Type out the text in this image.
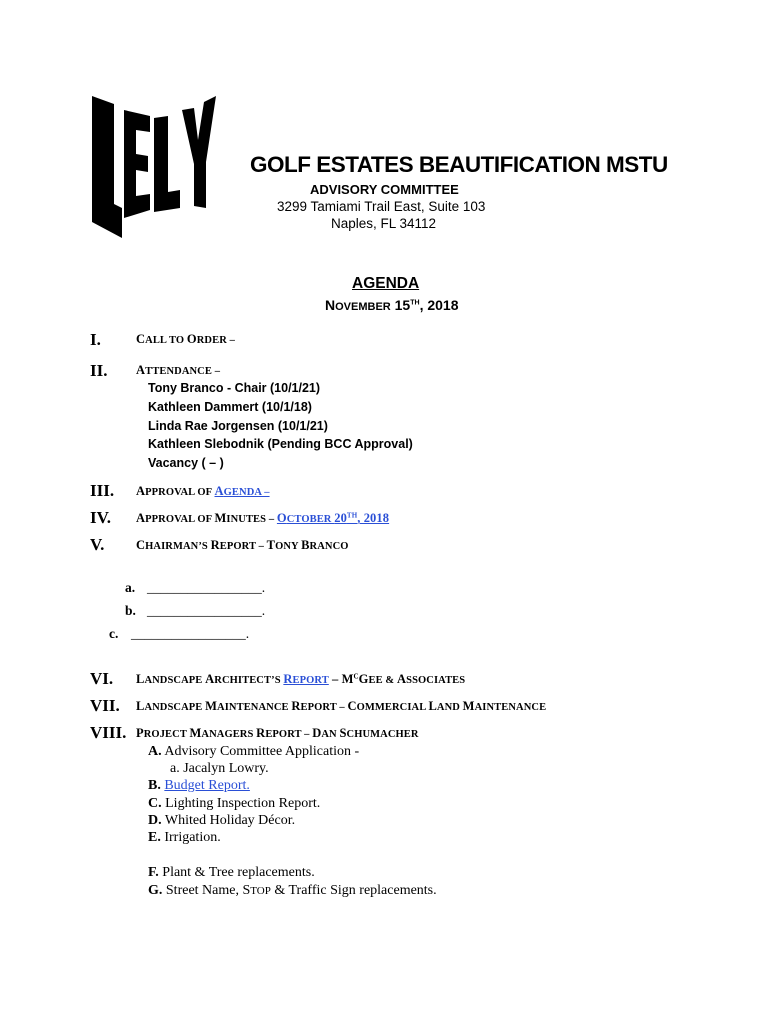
GOLF ESTATES BEAUTIFICATION MSTU
ADVISORY COMMITTEE
3299 Tamiami Trail East, Suite 103
Naples, FL 34112
AGENDA
NOVEMBER 15TH, 2018
I.	CALL TO ORDER –
II. ATTENDANCE –
Tony Branco - Chair (10/1/21)
Kathleen Dammert (10/1/18)
Linda Rae Jorgensen (10/1/21)
Kathleen Slebodnik (Pending BCC Approval)
Vacancy ( – )
III. APPROVAL OF AGENDA –
IV. APPROVAL OF MINUTES – OCTOBER 20TH, 2018
V.	CHAIRMAN’S REPORT – TONY BRANCO
a. _________________.
b. _________________.
c. _________________.
VI. LANDSCAPE ARCHITECT’S REPORT – $M^CGEE$ & ASSOCIATES
VII. LANDSCAPE MAINTENANCE REPORT – COMMERCIAL LAND MAINTENANCE
VIII. PROJECT MANAGERS REPORT – DAN SCHUMACHER
A. Advisory Committee Application -
a. Jacalyn Lowry.
B. Budget Report.
C. Lighting Inspection Report.
D. Whited Holiday Décor.
E. Irrigation.
F. Plant & Tree replacements.
G. Street Name, STOP & Traffic Sign replacements.
